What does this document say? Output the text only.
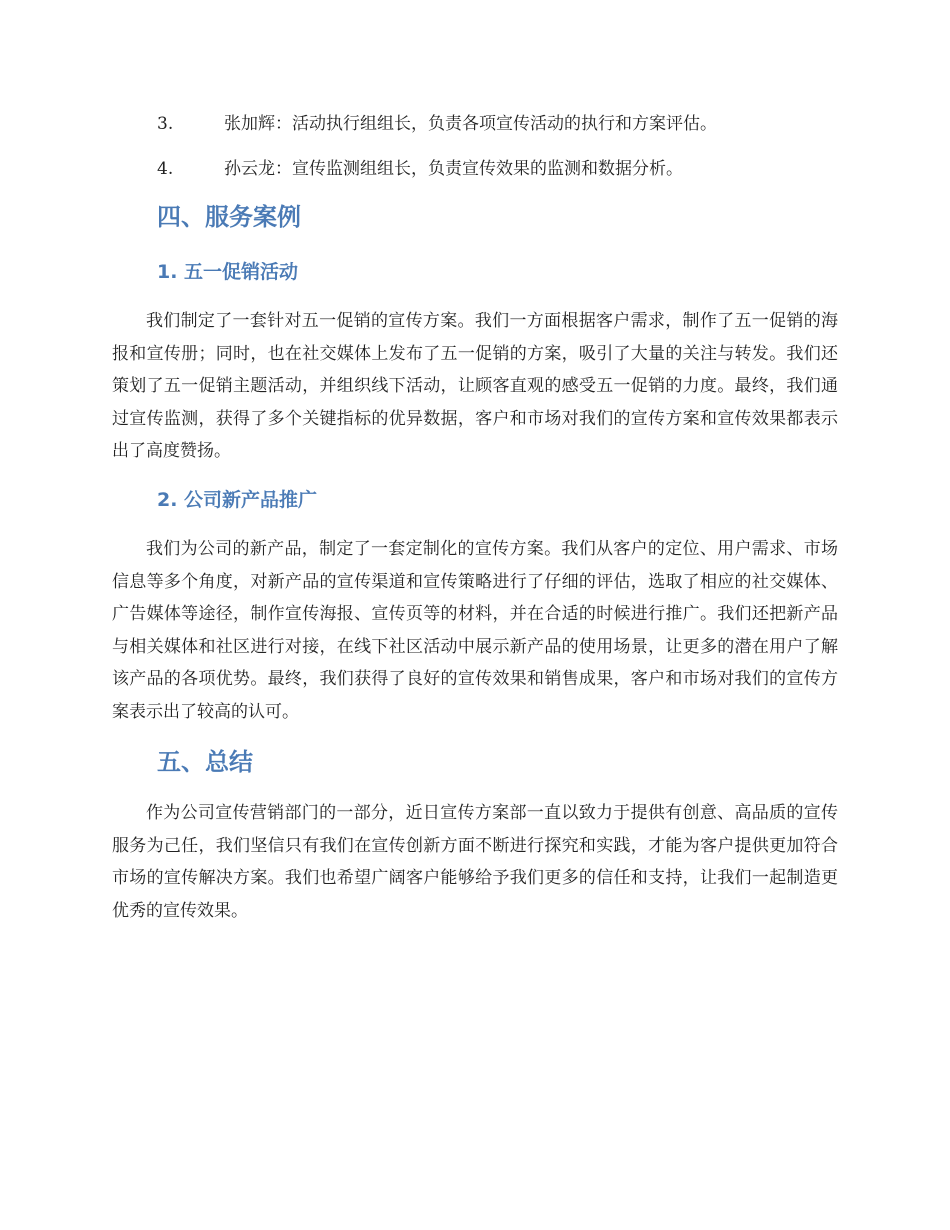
3.	张加辉：活动执行组组长，负责各项宣传活动的执行和方案评估。
4.	孙云龙：宣传监测组组长，负责宣传效果的监测和数据分析。
四、服务案例
1. 五一促销活动

我们制定了一套针对五一促销的宣传方案。我们一方面根据客户需求，制作了五一促销的海报和宣传册；同时，也在社交媒体上发布了五一促销的方案，吸引了大量的关注与转发。我们还策划了五一促销主题活动，并组织线下活动，让顾客直观的感受五一促销的力度。最终，我们通过宣传监测，获得了多个关键指标的优异数据，客户和市场对我们的宣传方案和宣传效果都表示出了高度赞扬。

2. 公司新产品推广

我们为公司的新产品，制定了一套定制化的宣传方案。我们从客户的定位、用户需求、市场信息等多个角度，对新产品的宣传渠道和宣传策略进行了仔细的评估，选取了相应的社交媒体、广告媒体等途径，制作宣传海报、宣传页等的材料，并在合适的时候进行推广。我们还把新产品与相关媒体和社区进行对接，在线下社区活动中展示新产品的使用场景，让更多的潜在用户了解该产品的各项优势。最终，我们获得了良好的宣传效果和销售成果，客户和市场对我们的宣传方案表示出了较高的认可。

五、总结

作为公司宣传营销部门的一部分，近日宣传方案部一直以致力于提供有创意、高品质的宣传服务为己任，我们坚信只有我们在宣传创新方面不断进行探究和实践，才能为客户提供更加符合市场的宣传解决方案。我们也希望广阔客户能够给予我们更多的信任和支持，让我们一起制造更优秀的宣传效果。
